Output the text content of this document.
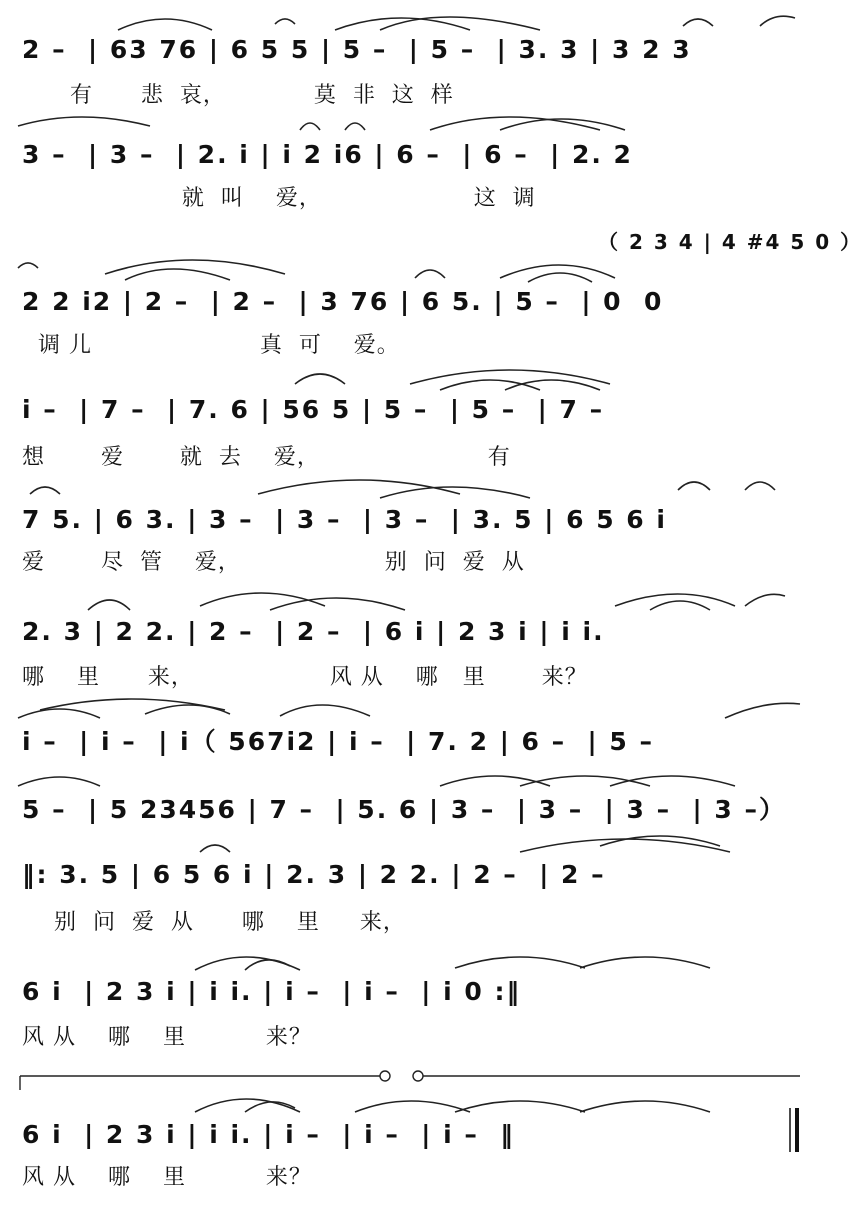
2 –  | 63 76 | 6 5 5 | 5 –  | 5 –  | 3. 3 | 3 2 3
有      悲  哀，           莫  非  这  样
3 –  | 3 –  | 2. i | i 2 i6 | 6 –  | 6 –  | 2. 2
就  叫    爱，                   这  调
（ 2 3 4 | 4 #4 5 0 ）
2 2 i2 | 2 –  | 2 –  | 3 76 | 6 5. | 5 –  | 0  0
调 儿                     真  可    爱。
i –  | 7 –  | 7. 6 | 56 5 | 5 –  | 5 –  | 7 –
想       爱       就  去    爱，                     有
7 5. | 6 3. | 3 –  | 3 –  | 3 –  | 3. 5 | 6 5 6 i
爱       尽  管    爱，                  别  问  爱  从
2. 3 | 2 2. | 2 –  | 2 –  | 6 i | 2 3 i | i i.
哪    里      来，                 风 从    哪   里       来？
i –  | i –  | i（ 567i2 | i –  | 7. 2 | 6 –  | 5 –
5 –  | 5 23456 | 7 –  | 5. 6 | 3 –  | 3 –  | 3 –  | 3 –）
‖: 3. 5 | 6 5 6 i | 2. 3 | 2 2. | 2 –  | 2 –
别  问  爱  从      哪    里     来，
6 i  | 2 3 i | i i. | i –  | i –  | i 0 :‖
风 从    哪    里          来？
6 i  | 2 3 i | i i. | i –  | i –  | i –  ‖
风 从    哪    里          来？
